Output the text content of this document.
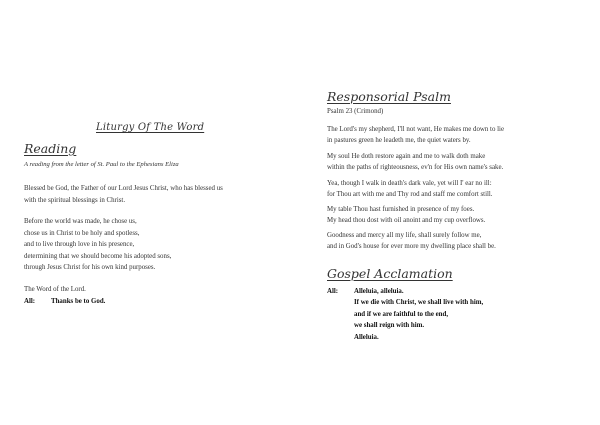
Liturgy Of The Word
Reading
A reading from the letter of St. Paul to the Ephesians Eliza
Blessed be God, the Father of our Lord Jesus Christ, who has blessed us
with the spiritual blessings in Christ.
Before the world was made, he chose us,
chose us in Christ to be holy and spotless,
and to live through love in his presence,
determining that we should become his adopted sons,
through Jesus Christ for his own kind purposes.
The Word of the Lord.
All: Thanks be to God.
Responsorial Psalm
Psalm 23 (Crimond)
The Lord's my shepherd, I'll not want, He makes me down to lie
in pastures green he leadeth me, the quiet waters by.
My soul He doth restore again and me to walk doth make
within the paths of righteousness, ev'n for His own name's sake.
Yea, though I walk in death's dark vale, yet will I' ear no ill:
for Thou art with me and Thy rod and staff me comfort still.
My table Thou hast furnished in presence of my foes.
My head thou dost with oil anoint and my cup overflows.
Goodness and mercy all my life, shall surely follow me,
and in God's house for ever more my dwelling place shall be.
Gospel Acclamation
All: Alleluia, alleluia.
If we die with Christ, we shall live with him,
and if we are faithful to the end,
we shall reign with him.
Alleluia.
